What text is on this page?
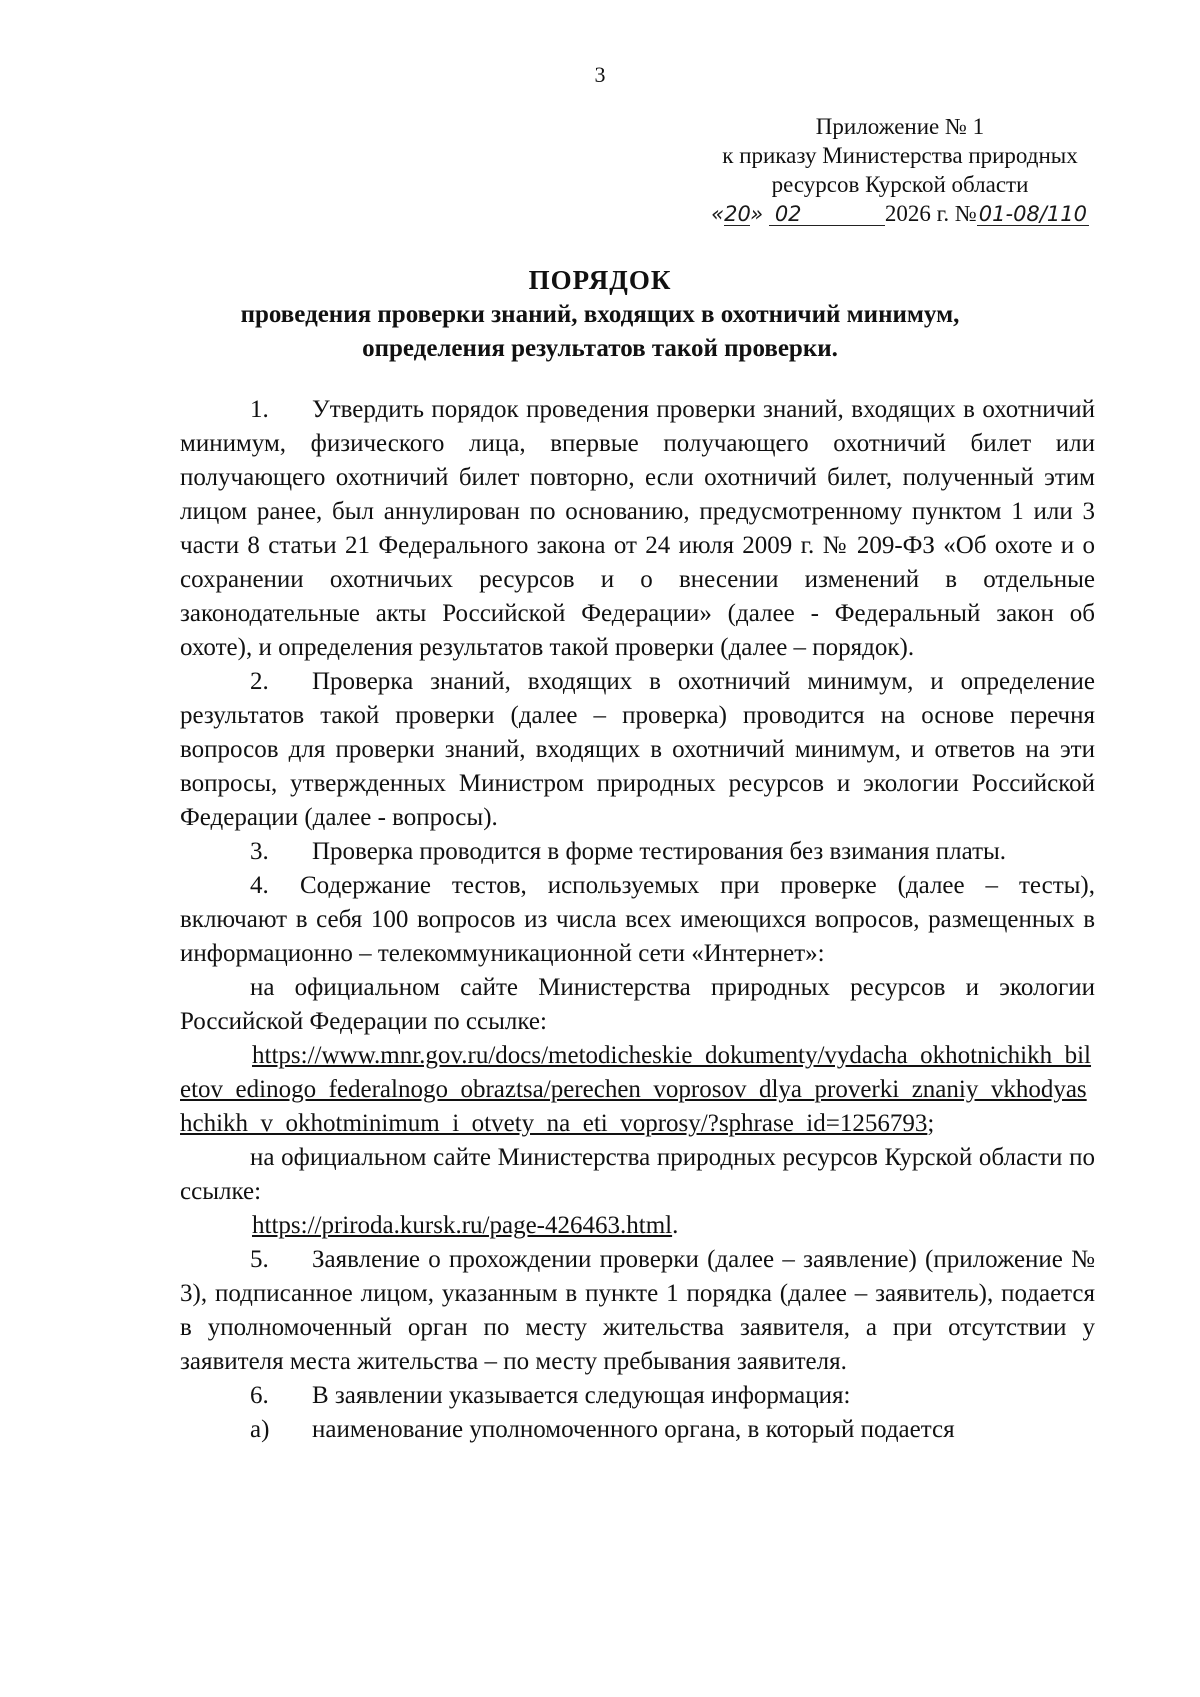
3
Приложение № 1
к приказу Министерства природных
ресурсов Курской области
«20» 02	2026 г. №01-08/110
ПОРЯДОК
проведения проверки знаний, входящих в охотничий минимум,
определения результатов такой проверки.

1. Утвердить порядок проведения проверки знаний, входящих в охотничий минимум, физического лица, впервые получающего охотничий билет или получающего охотничий билет повторно, если охотничий билет, полученный этим лицом ранее, был аннулирован по основанию, предусмотренному пунктом 1 или 3 части 8 статьи 21 Федерального закона от 24 июля 2009 г. № 209-ФЗ «Об охоте и о сохранении охотничьих ресурсов и о внесении изменений в отдельные законодательные акты Российской Федерации» (далее - Федеральный закон об охоте), и определения результатов такой проверки (далее – порядок).

2. Проверка знаний, входящих в охотничий минимум, и определение результатов такой проверки (далее – проверка) проводится на основе перечня вопросов для проверки знаний, входящих в охотничий минимум, и ответов на эти вопросы, утвержденных Министром природных ресурсов и экологии Российской Федерации (далее - вопросы).

3. Проверка проводится в форме тестирования без взимания платы.

4. Содержание тестов, используемых при проверке (далее – тесты), включают в себя 100 вопросов из числа всех имеющихся вопросов, размещенных в информационно – телекоммуникационной сети «Интернет»:

на официальном сайте Министерства природных ресурсов и экологии Российской Федерации по ссылке:

https://www.mnr.gov.ru/docs/metodicheskie_dokumenty/vydacha_okhotnichikh_biletov_edinogo_federalnogo_obraztsa/perechen_voprosov_dlya_proverki_znaniy_vkhodyashchikh_v_okhotminimum_i_otvety_na_eti_voprosy/?sphrase_id=1256793;

на официальном сайте Министерства природных ресурсов Курской области по ссылке:

https://priroda.kursk.ru/page-426463.html.

5. Заявление о прохождении проверки (далее – заявление) (приложение № 3), подписанное лицом, указанным в пункте 1 порядка (далее – заявитель), подается в уполномоченный орган по месту жительства заявителя, а при отсутствии у заявителя места жительства – по месту пребывания заявителя.

6. В заявлении указывается следующая информация:

а) наименование уполномоченного органа, в который подается
